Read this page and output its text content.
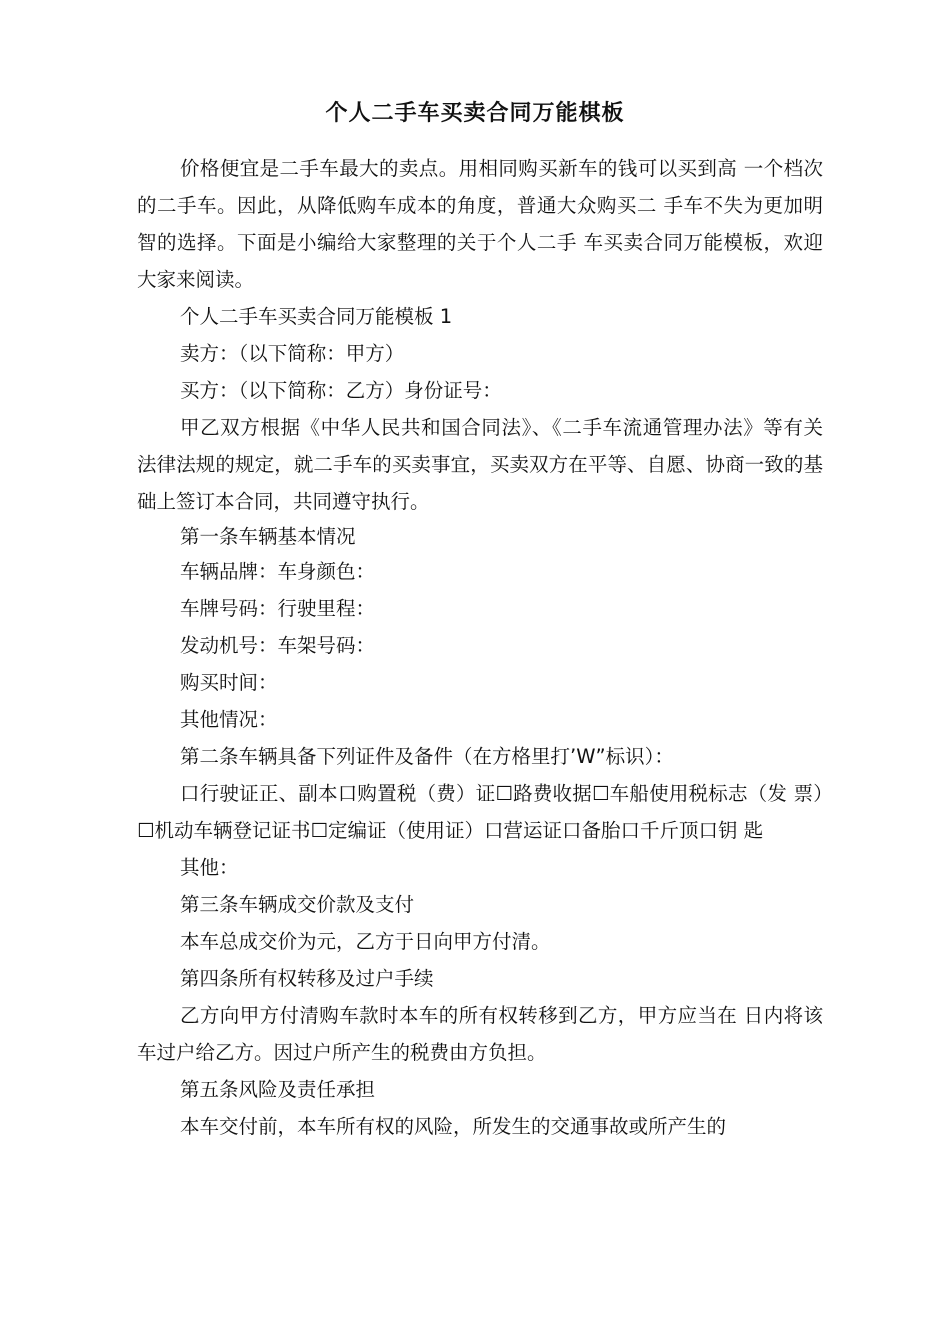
个人二手车买卖合同万能棋板

价格便宜是二手车最大的卖点。用相同购买新车的钱可以买到高 一个档次的二手车。因此，从降低购车成本的角度，普通大众购买二 手车不失为更加明智的选择。下面是小编给大家整理的关于个人二手 车买卖合同万能模板，欢迎大家来阅读。

个人二手车买卖合同万能模板 1

卖方：（以下简称：甲方）

买方：（以下简称：乙方）身份证号：

甲乙双方根据《中华人民共和国合同法》、《二手车流通管理办法》等有关法律法规的规定，就二手车的买卖事宜，买卖双方在平等、自愿、协商一致的基础上签订本合同，共同遵守执行。

第一条车辆基本情况

车辆品牌：车身颜色：

车牌号码：行驶里程：

发动机号：车架号码：

购买时间：

其他情况：

第二条车辆具备下列证件及备件（在方格里打’W”标识）：

口行驶证正、副本口购置税（费）证☐路费收据☐车船使用税标志（发 票）☐机动车辆登记证书☐定编证（使用证）口营运证口备胎口千斤顶口钥 匙

其他：

第三条车辆成交价款及支付

本车总成交价为元，乙方于日向甲方付清。

第四条所有权转移及过户手续

乙方向甲方付清购车款时本车的所有权转移到乙方，甲方应当在 日内将该车过户给乙方。因过户所产生的税费由方负担。

第五条风险及责任承担

本车交付前，本车所有权的风险，所发生的交通事故或所产生的
